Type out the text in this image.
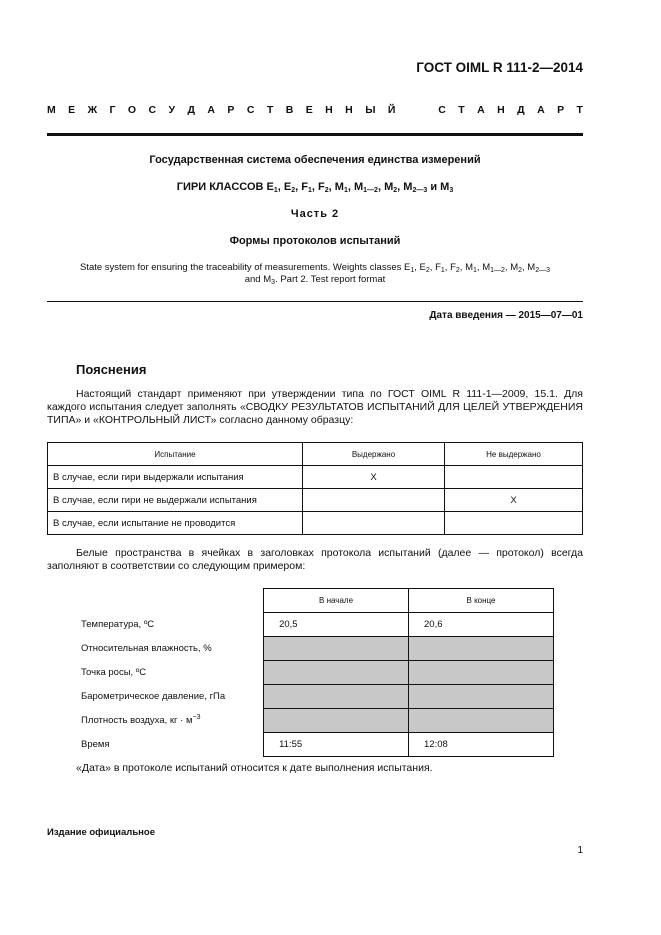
ГОСТ OIML R 111-2—2014
М Е Ж Г О С У Д А Р С Т В Е Н Н Ы Й	С Т А Н Д А Р Т
Государственная система обеспечения единства измерений
ГИРИ КЛАССОВ $E_1$, $E_2$, $F_1$, $F_2$, $M_1$, $M_{1—2}$, $M_2$, $M_{2—3}$ и $M_3$
Часть 2
Формы протоколов испытаний
State system for ensuring the traceability of measurements. Weights classes $E_1$, $E_2$, $F_1$, $F_2$, $M_1$, $M_{1—2}$, $M_2$, $M_{2—3}$
and $M_3$. Part 2. Test report format
Дата введения — 2015—07—01
Пояснения
Настоящий стандарт применяют при утверждении типа по ГОСТ OIML R 111-1—2009, 15.1. Для каждого испытания следует заполнять «СВОДКУ РЕЗУЛЬТАТОВ ИСПЫТАНИЙ ДЛЯ ЦЕЛЕЙ УТВЕРЖДЕНИЯ ТИПА» и «КОНТРОЛЬНЫЙ ЛИСТ» согласно данному образцу:
Испытание	Выдержано	Не выдержано
В случае, если гири выдержали испытания	X	
В случае, если гири не выдержали испытания		X
В случае, если испытание не проводится		
Белые пространства в ячейках в заголовках протокола испытаний (далее — протокол) всегда заполняют в соответствии со следующим примером:
	В начале	В конце
Температура, ºC	20,5	20,6
Относительная влажность, %		
Точка росы, ºC		
Барометрическое давление, гПа		
Плотность воздуха, кг · $м^{-3}$		
Время	11:55	12:08
«Дата» в протоколе испытаний относится к дате выполнения испытания.
Издание официальное
1
